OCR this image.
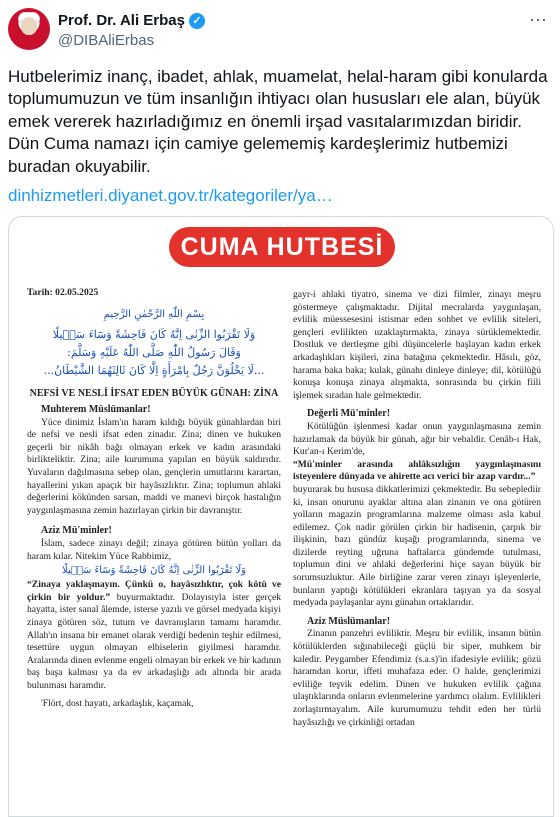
Prof. Dr. Ali Erbaş ✓
@DIBAliErbas
⋯
Hutbelerimiz inanç, ibadet, ahlak, muamelat, helal-haram gibi konularda toplumumuzun ve tüm insanlığın ihtiyacı olan hususları ele alan, büyük emek vererek hazırladığımız en önemli irşad vasıtalarımızdan biridir. Dün Cuma namazı için camiye gelememiş kardeşlerimiz hutbemizi buradan okuyabilir.
dinhizmetleri.diyanet.gov.tr/kategoriler/ya…
CUMA HUTBESİ
Tarih: 02.05.2025
بِسْمِ اللّٰهِ الرَّحْمٰنِ الرَّحِيمِ
وَلَا تَقْرَبُوا الزِّنٰى اِنَّهُ كَانَ فَاحِشَةً وَسَٓاءَ سَبٖيلًا
وَقَالَ رَسُولُ اللّٰهِ صَلَّى اللّٰهُ عَلَيْهِ وَسَلَّمَ:
...لَا يَخْلُوَنَّ رَجُلٌ بِامْرَأَةٍ اِلَّا كَانَ ثَالِثَهُمَا الشَّيْطَانُ...
NEFSİ VE NESLİ İFSAT EDEN BÜYÜK GÜNAH: ZİNA
Muhterem Müslümanlar!
Yüce dinimiz İslam'ın haram kıldığı büyük günahlardan biri de nefsi ve nesli ifsat eden zinadır. Zina; dinen ve hukuken geçerli bir nikâh bağı olmayan erkek ve kadın arasındaki birlikteliktir. Zina; aile kurumuna yapılan en büyük saldırıdır. Yuvaların dağılmasına sebep olan, gençlerin umutlarını karartan, hayallerini yıkan apaçık bir hayâsızlıktır. Zina; toplumun ahlaki değerlerini kökünden sarsan, maddi ve manevi birçok hastalığın yaygınlaşmasına zemin hazırlayan çirkin bir davranıştır.
Aziz Mü'minler!
İslam, sadece zinayı değil; zinaya götüren bütün yolları da haram kılar. Nitekim Yüce Rabbimiz,
وَلَا تَقْرَبُوا الزِّنٰى اِنَّهُ كَانَ فَاحِشَةً وَسَٓاءَ سَبٖيلًا
“Zinaya yaklaşmayın. Çünkü o, hayâsızlıktır, çok kötü ve çirkin bir yoldur.” buyurmaktadır. Dolayısıyla ister gerçek hayatta, ister sanal âlemde, isterse yazılı ve görsel medyada kişiyi zinaya götüren söz, tutum ve davranışların tamamı haramdır. Allah'ın insana bir emanet olarak verdiği bedenin teşhir edilmesi, tesettüre uygun olmayan elbiselerin giyilmesi haramdır. Aralarında dinen evlenme engeli olmayan bir erkek ve bir kadının baş başa kalması ya da ev arkadaşlığı adı altında bir arada bulunması haramdır.
'Flört, dost hayatı, arkadaşlık, kaçamak,
gayr-i ahlaki tiyatro, sinema ve dizi filmler, zinayı meşru göstermeye çalışmaktadır. Dijital mecralarda yaygınlaşan, evlilik müessesesini istismar eden sohbet ve evlilik siteleri, gençleri evlilikten uzaklaştırmakta, zinaya sürüklemektedir. Dostluk ve dertleşme gibi düşüncelerle başlayan kadın erkek arkadaşlıkları kişileri, zina batağına çekmektedir. Hâsılı, göz, harama baka baka; kulak, günahı dinleye dinleye; dil, kötülüğü konuşa konuşa zinaya alışmakta, sonrasında bu çirkin fiili işlemek sıradan hale gelmektedir.
Değerli Mü'minler!
Kötülüğün işlenmesi kadar onun yaygınlaşmasına zemin hazırlamak da büyük bir günah, ağır bir vebaldir. Cenâb-ı Hak, Kur'an-ı Kerim'de,
“Mü'minler arasında ahlâksızlığın yaygınlaşmasını isteyenlere dünyada ve ahirette acı verici bir azap vardır...”
buyurarak bu hususa dikkatlerimizi çekmektedir. Bu sebeplediir ki, insan onurunu ayaklar altına alan zinanın ve ona götüren yolların magazin programlarına malzeme olması asla kabul edilemez. Çok nadir görülen çirkin bir hadisenin, çarpık bir ilişkinin, bazı gündüz kuşağı programlarında, sinema ve dizilerde reyting uğruna haftalarca gündemde tutulması, toplumun dini ve ahlaki değerlerini hiçe sayan büyük bir sorumsuzluktur. Aile birliğine zarar veren zinayı işleyenlerle, bunların yaptığı kötülükleri ekranlara taşıyan ya da sosyal medyada paylaşanlar aynı günahın ortaklarıdır.
Aziz Müslümanlar!
Zinanın panzehri evliliktir. Meşru bir evlilik, insanın bütün kötülüklerden sığınabileceği güçlü bir siper, muhkem bir kaledir. Peygamber Efendimiz (s.a.s)'in ifadesiyle evlilik; gözü haramdan korur, iffeti muhafaza eder. O halde, gençlerimizi evliliğe teşvik edelim. Dinen ve hukuken evlilik çağına ulaştıklarında onların evlenmelerine yardımcı olalım. Evlilikleri zorlaştırmayalım. Aile kurumumuzu tehdit eden her türlü hayâsızlığı ve çirkinliği ortadan
